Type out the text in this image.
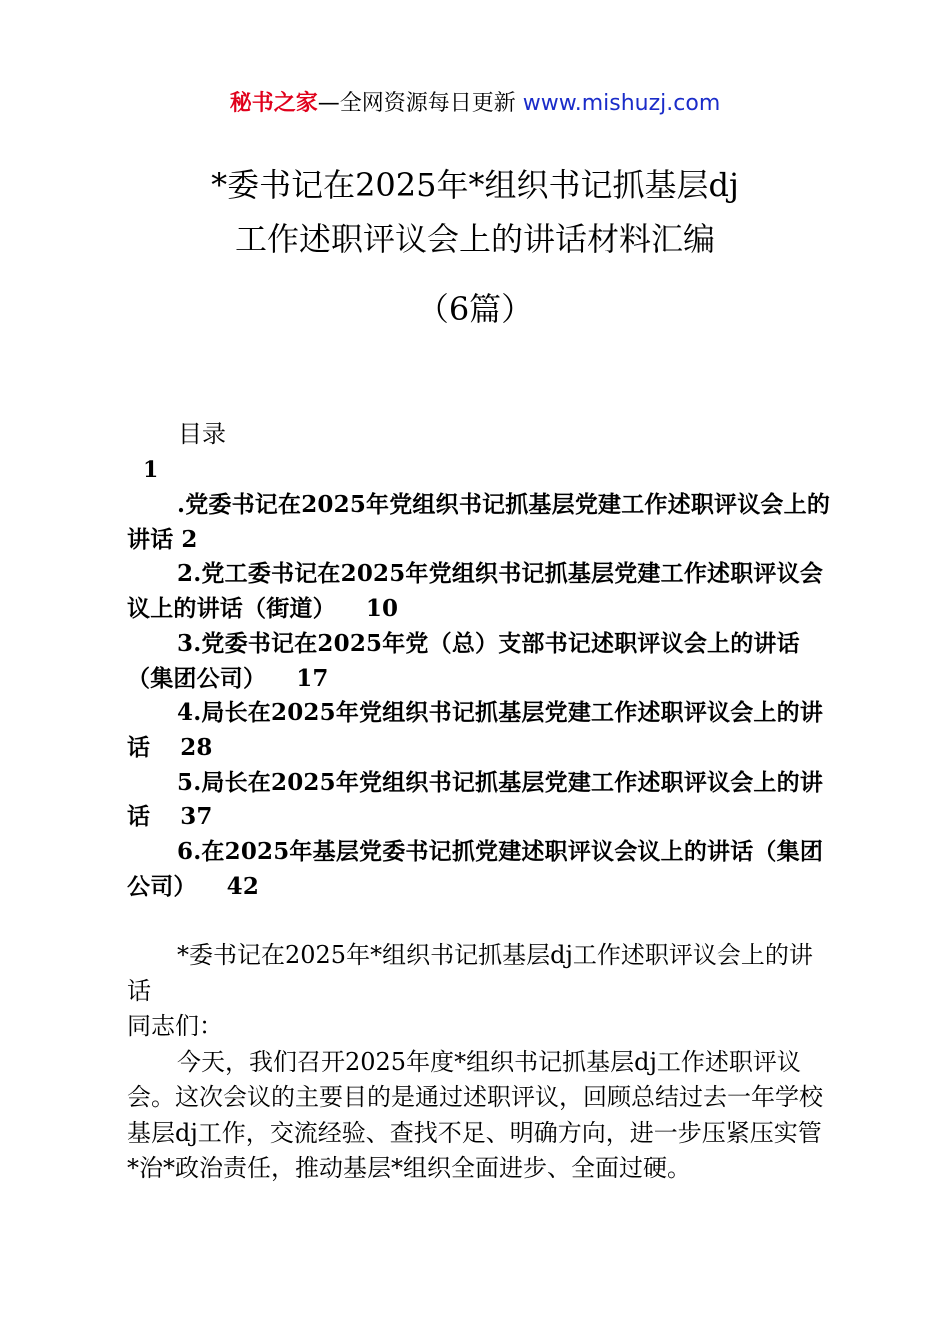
秘书之家—全网资源每日更新 www.mishuzj.com
*委书记在2025年*组织书记抓基层dj
工作述职评议会上的讲话材料汇编
（6篇）
目录
1

.党委书记在2025年党组织书记抓基层党建工作述职评议会上的讲话 2

2.党工委书记在2025年党组织书记抓基层党建工作述职评议会议上的讲话（街道） 10

3.党委书记在2025年党（总）支部书记述职评议会上的讲话（集团公司） 17

4.局长在2025年党组织书记抓基层党建工作述职评议会上的讲话 28

5.局长在2025年党组织书记抓基层党建工作述职评议会上的讲话 37

6.在2025年基层党委书记抓党建述职评议会议上的讲话（集团公司） 42

*委书记在2025年*组织书记抓基层dj工作述职评议会上的讲话

同志们：

今天，我们召开2025年度*组织书记抓基层dj工作述职评议会。这次会议的主要目的是通过述职评议，回顾总结过去一年学校基层dj工作，交流经验、查找不足、明确方向，进一步压紧压实管*治*政治责任，推动基层*组织全面进步、全面过硬。
